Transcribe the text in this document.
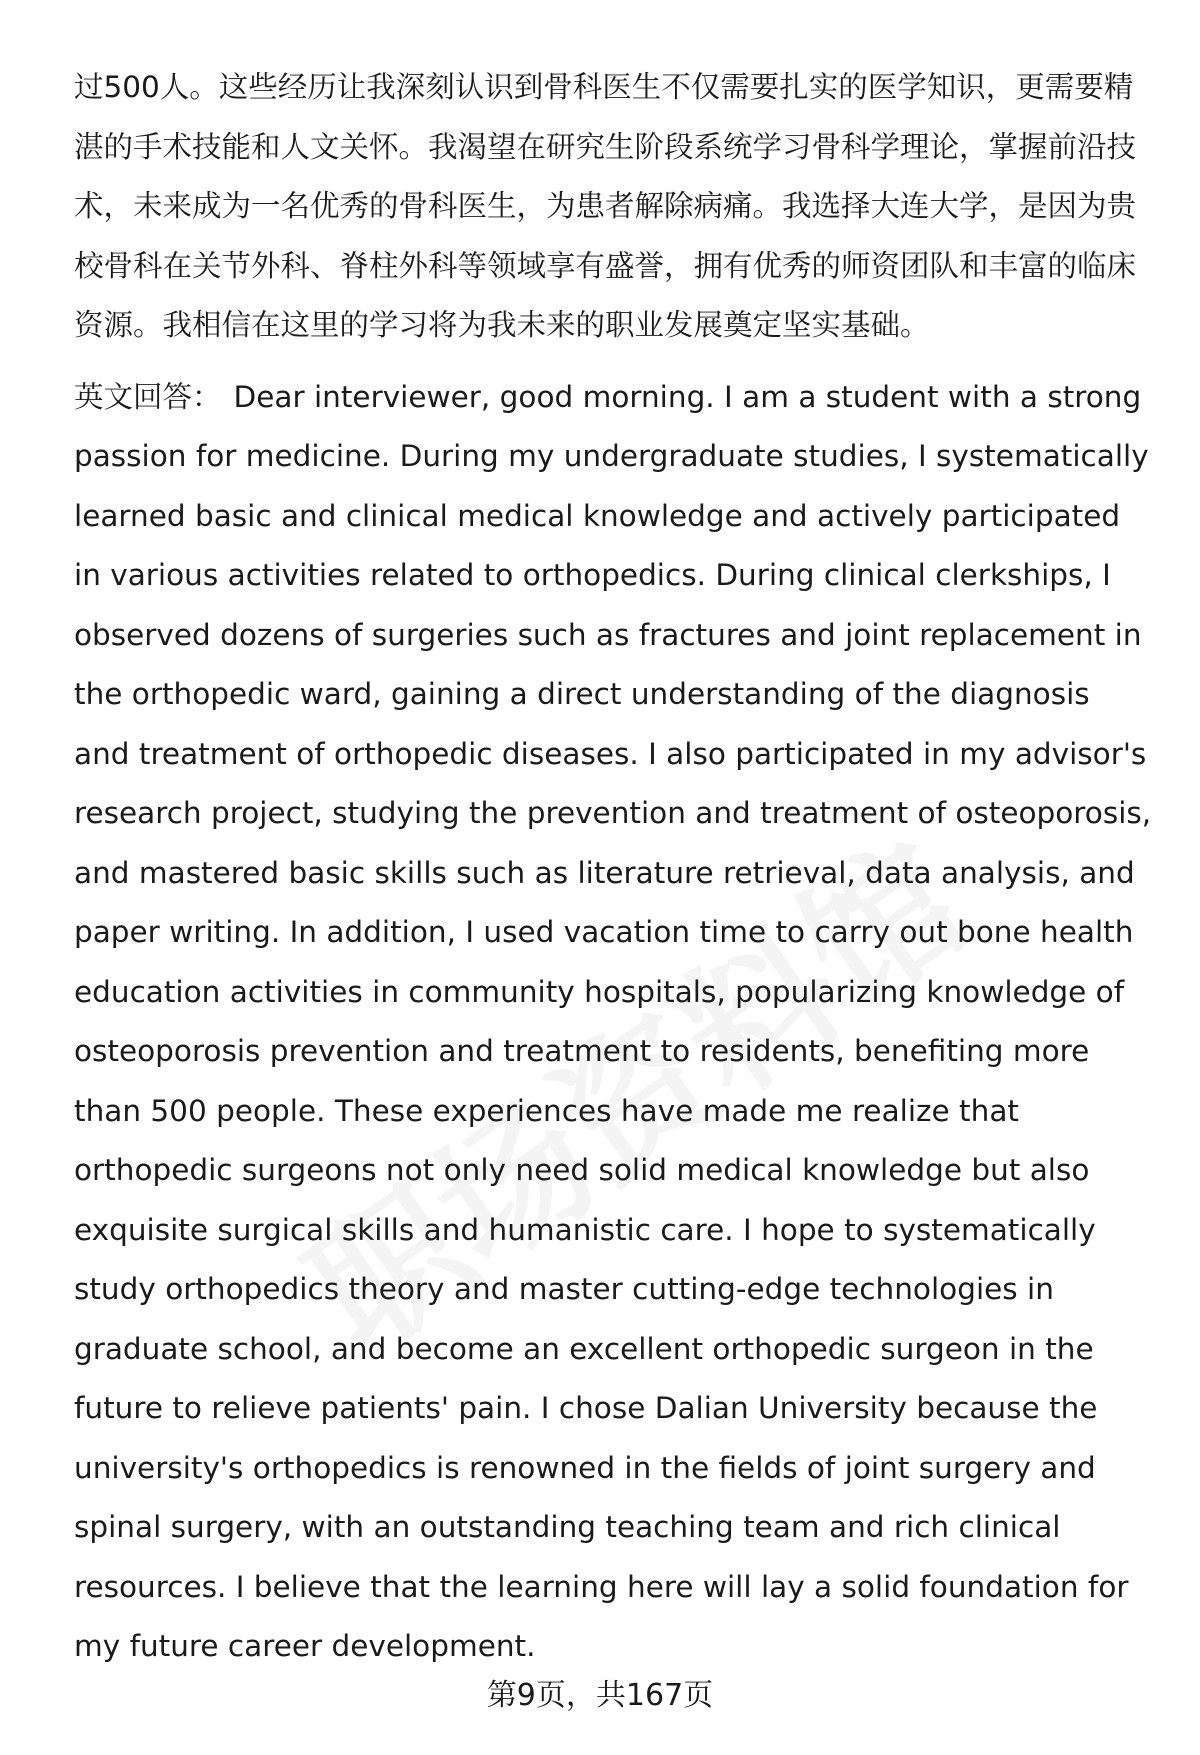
过500人。这些经历让我深刻认识到骨科医生不仅需要扎实的医学知识，更需要精湛的手术技能和人文关怀。我渴望在研究生阶段系统学习骨科学理论，掌握前沿技术，未来成为一名优秀的骨科医生，为患者解除病痛。我选择大连大学，是因为贵校骨科在关节外科、脊柱外科等领域享有盛誉，拥有优秀的师资团队和丰富的临床资源。我相信在这里的学习将为我未来的职业发展奠定坚实基础。

英文回答： Dear interviewer, good morning. I am a student with a strong passion for medicine. During my undergraduate studies, I systematically learned basic and clinical medical knowledge and actively participated in various activities related to orthopedics. During clinical clerkships, I observed dozens of surgeries such as fractures and joint replacement in the orthopedic ward, gaining a direct understanding of the diagnosis and treatment of orthopedic diseases. I also participated in my advisor's research project, studying the prevention and treatment of osteoporosis, and mastered basic skills such as literature retrieval, data analysis, and paper writing. In addition, I used vacation time to carry out bone health education activities in community hospitals, popularizing knowledge of osteoporosis prevention and treatment to residents, benefiting more than 500 people. These experiences have made me realize that orthopedic surgeons not only need solid medical knowledge but also exquisite surgical skills and humanistic care. I hope to systematically study orthopedics theory and master cutting-edge technologies in graduate school, and become an excellent orthopedic surgeon in the future to relieve patients' pain. I chose Dalian University because the university's orthopedics is renowned in the fields of joint surgery and spinal surgery, with an outstanding teaching team and rich clinical resources. I believe that the learning here will lay a solid foundation for my future career development.

第9页，共167页
